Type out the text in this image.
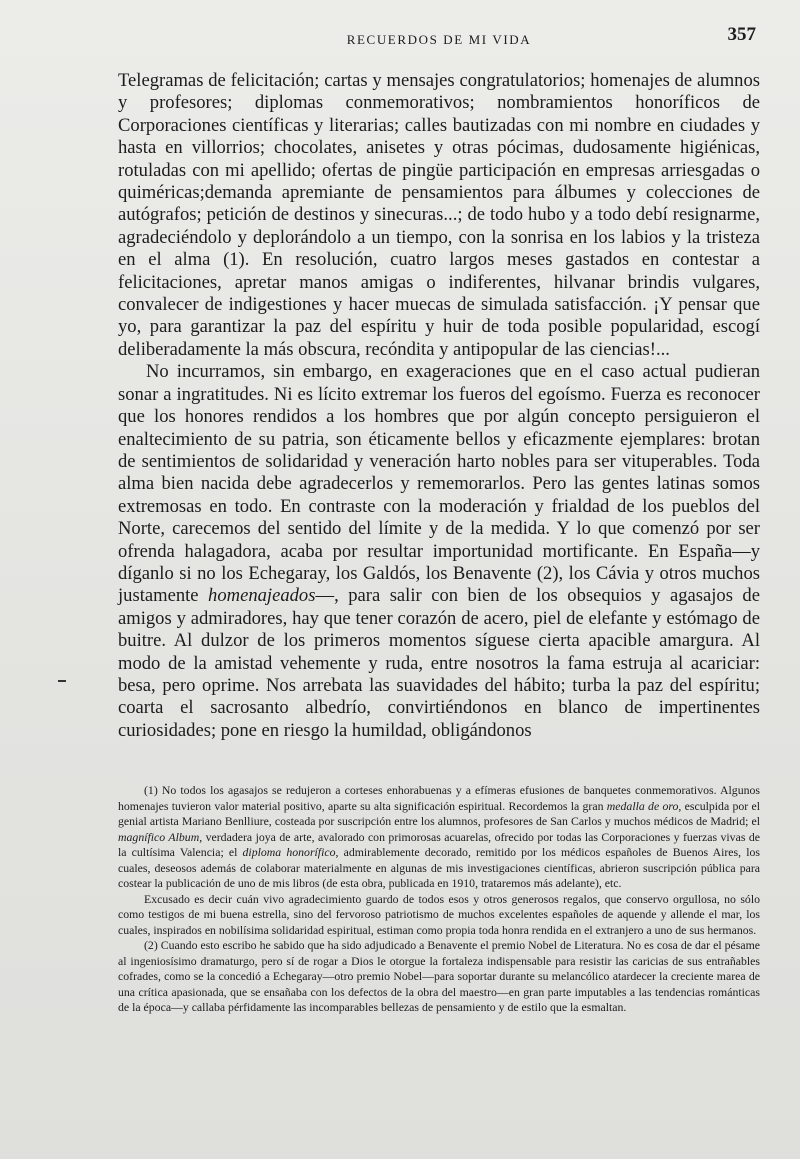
RECUERDOS DE MI VIDA	357

Telegramas de felicitación; cartas y mensajes congratulatorios; homenajes de alumnos y profesores; diplomas conmemorativos; nombramientos honoríficos de Corporaciones científicas y literarias; calles bautizadas con mi nombre en ciudades y hasta en villorrios; chocolates, anisetes y otras pócimas, dudosamente higiénicas, rotuladas con mi apellido; ofertas de pingüe participación en empresas arriesgadas o quiméricas;demanda apremiante de pensamientos para álbumes y colecciones de autógrafos; petición de destinos y sinecuras...; de todo hubo y a todo debí resignarme, agradeciéndolo y deplorándolo a un tiempo, con la sonrisa en los labios y la tristeza en el alma (1). En resolución, cuatro largos meses gastados en contestar a felicitaciones, apretar manos amigas o indiferentes, hilvanar brindis vulgares, convalecer de indigestiones y hacer muecas de simulada satisfacción. ¡Y pensar que yo, para garantizar la paz del espíritu y huir de toda posible popularidad, escogí deliberadamente la más obscura, recóndita y antipopular de las ciencias!...

No incurramos, sin embargo, en exageraciones que en el caso actual pudieran sonar a ingratitudes. Ni es lícito extremar los fueros del egoísmo. Fuerza es reconocer que los honores rendidos a los hombres que por algún concepto persiguieron el enaltecimiento de su patria, son éticamente bellos y eficazmente ejemplares: brotan de sentimientos de solidaridad y veneración harto nobles para ser vituperables. Toda alma bien nacida debe agradecerlos y rememorarlos. Pero las gentes latinas somos extremosas en todo. En contraste con la moderación y frialdad de los pueblos del Norte, carecemos del sentido del límite y de la medida. Y lo que comenzó por ser ofrenda halagadora, acaba por resultar importunidad mortificante. En España—y díganlo si no los Echegaray, los Galdós, los Benavente (2), los Cávia y otros muchos justamente homenajeados—, para salir con bien de los obsequios y agasajos de amigos y admiradores, hay que tener corazón de acero, piel de elefante y estómago de buitre. Al dulzor de los primeros momentos síguese cierta apacible amargura. Al modo de la amistad vehemente y ruda, entre nosotros la fama estruja al acariciar: besa, pero oprime. Nos arrebata las suavidades del hábito; turba la paz del espíritu; coarta el sacrosanto albedrío, convirtiéndonos en blanco de impertinentes curiosidades; pone en riesgo la humildad, obligándonos

(1) No todos los agasajos se redujeron a corteses enhorabuenas y a efímeras efusiones de banquetes conmemorativos. Algunos homenajes tuvieron valor material positivo, aparte su alta significación espiritual. Recordemos la gran medalla de oro, esculpida por el genial artista Mariano Benlliure, costeada por suscripción entre los alumnos, profesores de San Carlos y muchos médicos de Madrid; el magnífico Album, verdadera joya de arte, avalorado con primorosas acuarelas, ofrecido por todas las Corporaciones y fuerzas vivas de la cultísima Valencia; el diploma honorífico, admirablemente decorado, remitido por los médicos españoles de Buenos Aires, los cuales, deseosos además de colaborar materialmente en algunas de mis investigaciones científicas, abrieron suscripción pública para costear la publicación de uno de mis libros (de esta obra, publicada en 1910, trataremos más adelante), etc.

Excusado es decir cuán vivo agradecimiento guardo de todos esos y otros generosos regalos, que conservo orgullosa, no sólo como testigos de mi buena estrella, sino del fervoroso patriotismo de muchos excelentes españoles de aquende y allende el mar, los cuales, inspirados en nobilísima solidaridad espiritual, estiman como propia toda honra rendida en el extranjero a uno de sus hermanos.

(2) Cuando esto escribo he sabido que ha sido adjudicado a Benavente el premio Nobel de Literatura. No es cosa de dar el pésame al ingeniosísimo dramaturgo, pero sí de rogar a Dios le otorgue la fortaleza indispensable para resistir las caricias de sus entrañables cofrades, como se la concedió a Echegaray—otro premio Nobel—para soportar durante su melancólico atardecer la creciente marea de una crítica apasionada, que se ensañaba con los defectos de la obra del maestro—en gran parte imputables a las tendencias románticas de la época—y callaba pérfidamente las incomparables bellezas de pensamiento y de estilo que la esmaltan.
